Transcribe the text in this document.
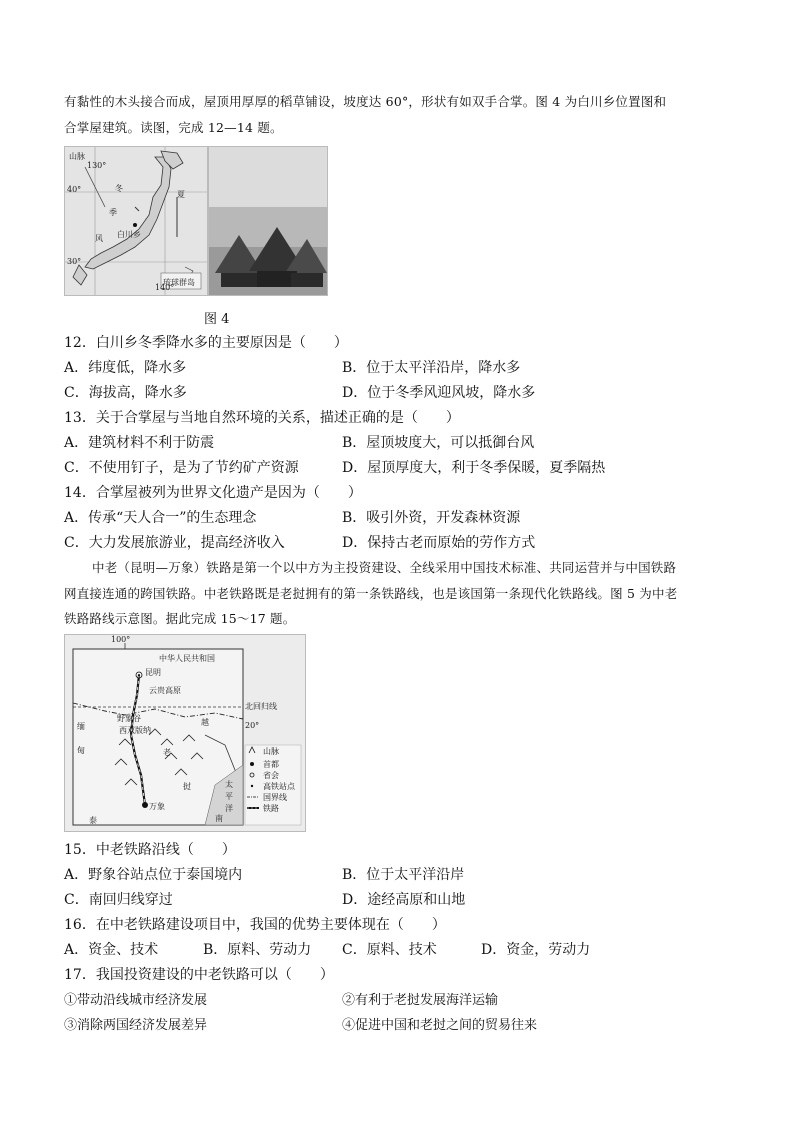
有黏性的木头接合而成，屋顶用厚厚的稻草铺设，坡度达 60°，形状有如双手合掌。图 4 为白川乡位置图和
合掌屋建筑。读图，完成 12—14 题。
山脉
130°
40°	冬
季
风
夏
白川乡
30°
琉球群岛
140°
图 4
12．白川乡冬季降水多的主要原因是（　　）
A．纬度低，降水多	B．位于太平洋沿岸，降水多
C．海拔高，降水多	D．位于冬季风迎风坡，降水多
13．关于合掌屋与当地自然环境的关系，描述正确的是（　　）
A．建筑材料不利于防震	B．屋顶坡度大，可以抵御台风
C．不使用钉子，是为了节约矿产资源	D．屋顶厚度大，利于冬季保暖，夏季隔热
14．合掌屋被列为世界文化遗产是因为（　　）
A．传承“天人合一”的生态理念	B．吸引外资，开发森林资源
C．大力发展旅游业，提高经济收入	D．保持古老而原始的劳作方式
中老（昆明—万象）铁路是第一个以中方为主投资建设、全线采用中国技术标准、共同运营并与中国铁路
网直接连通的跨国铁路。中老铁路既是老挝拥有的第一条铁路线，也是该国第一条现代化铁路线。图 5 为中老
铁路路线示意图。据此完成 15～17 题。
100°
中华人民共和国
昆明
云贵高原
北回归线
20°
野象谷
西双版纳
越
老
挝
泰
万象
缅
甸
南
太
平
洋
山脉
首都
省会
高铁站点
国界线
铁路
15．中老铁路沿线（　　）
A．野象谷站点位于泰国境内	B．位于太平洋沿岸
C．南回归线穿过	D．途经高原和山地
16．在中老铁路建设项目中，我国的优势主要体现在（　　）
A．资金、技术	B．原料、劳动力 C．原料、技术	D．资金，劳动力
17．我国投资建设的中老铁路可以（　　）
①带动沿线城市经济发展	②有利于老挝发展海洋运输
③消除两国经济发展差异	④促进中国和老挝之间的贸易往来
